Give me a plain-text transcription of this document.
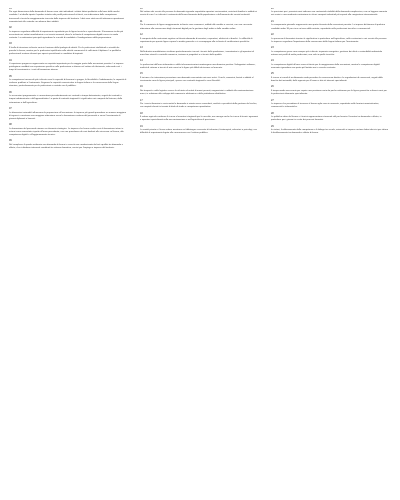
01
Per ogni dimensione della domanda di lavoro sono stati individuati i relativi fattori qualitativi sulla base delle analisi condotte. La tabella riporta il quadro sintetico dei profili professionali richiesti, con indicazione delle competenze trasversali e tecniche maggiormente ricercate dalle imprese del territorio. I dati sono stati raccolti attraverso questionari somministrati alle aziende con almeno dieci addetti.
02
Le imprese segnalano difficoltà di reperimento soprattutto per le figure tecniche e specializzate. Il fenomeno risulta più accentuato nei settori manifatturieri e nei servizi avanzati, dove la richiesta di competenze digitali cresce in modo costante. Le motivazioni principali riguardano la scarsità di candidati e l'inadeguatezza della preparazione.
03
Il livello di istruzione richiesto varia in funzione della tipologia di attività. Per le professioni intellettuali e scientifiche prevale la laurea, mentre per le professioni qualificate nelle attività commerciali è sufficiente il diploma. Le qualifiche professionali restano rilevanti per operai specializzati e conduttori di impianti.
04
L'esperienza pregressa rappresenta un requisito importante per la maggior parte delle assunzioni previste. Le imprese privilegiano candidati con esperienza specifica nella professione o almeno nel settore di riferimento, riducendo così i tempi di inserimento e i costi di formazione interna.
05
Le competenze trasversali più richieste sono la capacità di lavorare in gruppo, la flessibilità e l'adattamento, la capacità di risolvere problemi e l'autonomia. Seguono la capacità comunicativa in lingua italiana e la conoscenza delle lingue straniere, particolarmente per le professioni a contatto con il pubblico.
06
Le assunzioni programmate si concentrano prevalentemente nei contratti a tempo determinato, seguiti dai contratti a tempo indeterminato e dall'apprendistato. La quota di contratti stagionali è significativa nei comparti del turismo, della ristorazione e dell'agricoltura.
07
Le dimensioni aziendali influenzano la propensione all'assunzione: le imprese più grandi prevedono un numero maggiore di ingressi e mostrano una maggiore attenzione verso la formazione continua del personale e verso l'inserimento di giovani diplomati e laureati.
08
La formazione del personale rimane un elemento strategico. Le imprese che hanno svolto corsi di formazione interni o esterni sono aumentate rispetto all'anno precedente, con una prevalenza di corsi dedicati alla sicurezza sul lavoro, alle competenze digitali e all'aggiornamento tecnico.
09
Nel complesso il quadro evidenzia una domanda di lavoro in crescita ma caratterizzata da forti squilibri tra domanda e offerta, che richiedono interventi coordinati tra sistema formativo, servizi per l'impiego e imprese del territorio.
10
Nel settore dei servizi alle persone la domanda riguarda soprattutto operatori sociosanitari, assistenti familiari e addetti ai servizi di cura. La richiesta è sostenuta dall'invecchiamento della popolazione e dall'aumento dei servizi territoriali.
11
Per il commercio le figure maggiormente richieste sono commessi, addetti alle vendite e cassieri, con una crescente attenzione alla conoscenza degli strumenti digitali per la gestione degli ordini e delle vendite online.
12
Il comparto delle costruzioni registra un'elevata domanda di muratori, carpentieri, elettricisti e idraulici. La difficoltà di reperimento per queste figure supera la media generale e si accompagna alla richiesta di certificazioni specifiche.
13
Nell'industria manifatturiera risultano particolarmente ricercati i tecnici della produzione, i manutentori e gli operatori di macchine utensili a controllo numerico, insieme ai progettisti e ai tecnici della qualità.
14
Le professioni dell'area informatica e delle telecomunicazioni mantengono una dinamica positiva. Sviluppatori software, analisti di sistema e tecnici di rete sono tra le figure più difficili da trovare sul mercato.
15
Il turismo e la ristorazione presentano una domanda concentrata nei mesi estivi. Cuochi, camerieri, baristi e addetti al ricevimento sono le figure principali, spesso con contratti stagionali e orari flessibili.
16
Nei trasporti e nella logistica cresce la richiesta di autisti di mezzi pesanti, magazzinieri e addetti alla movimentazione merci, in relazione allo sviluppo del commercio elettronico e delle piattaforme distributive.
17
Per i servizi finanziari e assicurativi la domanda si orienta verso consulenti, analisti e specialisti della gestione del rischio, con requisiti elevati in termini di titolo di studio e competenze quantitative.
18
Il settore agricolo conferma il ricorso a lavoratori stagionali per la raccolta, ma emerge anche la ricerca di tecnici agronomi e operatori specializzati nella meccanizzazione e nell'agricoltura di precisione.
19
La sanità privata e il terzo settore mostrano un fabbisogno crescente di infermieri, fisioterapisti, educatori e psicologi, con difficoltà di reperimento legate alla concorrenza con il settore pubblico.
20
Le previsioni per i prossimi mesi indicano una sostanziale stabilità della domanda complessiva, con un leggero aumento nei servizi e una moderata contrazione in alcuni comparti industriali più esposti alla congiuntura internazionale.
21
La componente giovanile rappresenta una quota rilevante delle assunzioni previste. Le imprese dichiarano di preferire candidati under 30 per circa un terzo delle entrate, soprattutto nelle professioni tecniche e commerciali.
22
La presenza di lavoratori stranieri è significativa in particolare nell'agricoltura, nelle costruzioni e nei servizi alle persone. Le imprese segnalano l'importanza della conoscenza della lingua italiana per l'inserimento.
23
Le competenze green sono sempre più richieste: risparmio energetico, gestione dei rifiuti e sostenibilità ambientale entrano nei profili di molte professioni, non solo in quelle tecniche.
24
Le competenze digitali di base sono richieste per la maggioranza delle assunzioni, mentre le competenze digitali avanzate riguardano una quota più limitata ma in crescita costante.
25
Il ricorso ai canali di reclutamento vede prevalere la conoscenza diretta e le segnalazioni di conoscenti, seguiti dalle banche dati aziendali, dalle agenzie per il lavoro e dai siti internet specializzati.
26
Il tempo medio necessario per coprire una posizione varia da poche settimane per le figure generiche a diversi mesi per le professioni altamente specializzate.
27
Le imprese che prevedono di ricorrere al lavoro agile sono in aumento, soprattutto nelle funzioni amministrative, commerciali e informatiche.
28
Le politiche attive del lavoro e i tirocini rappresentano strumenti utili per favorire l'incontro tra domanda e offerta, in particolare per i giovani in uscita dai percorsi formativi.
29
In sintesi, il rafforzamento delle competenze e il dialogo tra scuola, università e imprese restano fattori decisivi per ridurre il disallineamento tra domanda e offerta di lavoro.
